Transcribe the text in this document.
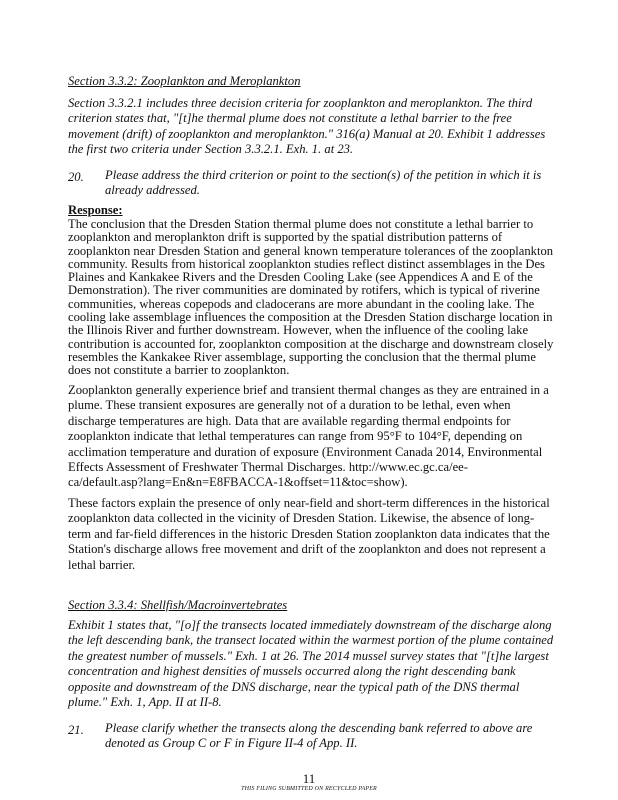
Section 3.3.2: Zooplankton and Meroplankton
Section 3.3.2.1 includes three decision criteria for zooplankton and meroplankton. The third
criterion states that, "[t]he thermal plume does not constitute a lethal barrier to the free
movement (drift) of zooplankton and meroplankton." 316(a) Manual at 20. Exhibit 1 addresses
the first two criteria under Section 3.3.2.1. Exh. 1. at 23.
20. Please address the third criterion or point to the section(s) of the petition in which it is
already addressed.
Response:
The conclusion that the Dresden Station thermal plume does not constitute a lethal barrier to
zooplankton and meroplankton drift is supported by the spatial distribution patterns of
zooplankton near Dresden Station and general known temperature tolerances of the zooplankton
community. Results from historical zooplankton studies reflect distinct assemblages in the Des
Plaines and Kankakee Rivers and the Dresden Cooling Lake (see Appendices A and E of the
Demonstration). The river communities are dominated by rotifers, which is typical of riverine
communities, whereas copepods and cladocerans are more abundant in the cooling lake. The
cooling lake assemblage influences the composition at the Dresden Station discharge location in
the Illinois River and further downstream. However, when the influence of the cooling lake
contribution is accounted for, zooplankton composition at the discharge and downstream closely
resembles the Kankakee River assemblage, supporting the conclusion that the thermal plume
does not constitute a barrier to zooplankton.
Zooplankton generally experience brief and transient thermal changes as they are entrained in a
plume. These transient exposures are generally not of a duration to be lethal, even when
discharge temperatures are high. Data that are available regarding thermal endpoints for
zooplankton indicate that lethal temperatures can range from 95°F to 104°F, depending on
acclimation temperature and duration of exposure (Environment Canada 2014, Environmental
Effects Assessment of Freshwater Thermal Discharges. http://www.ec.gc.ca/ee-
ca/default.asp?lang=En&n=E8FBACCA-1&offset=11&toc=show).
These factors explain the presence of only near-field and short-term differences in the historical
zooplankton data collected in the vicinity of Dresden Station. Likewise, the absence of long-
term and far-field differences in the historic Dresden Station zooplankton data indicates that the
Station's discharge allows free movement and drift of the zooplankton and does not represent a
lethal barrier.
Section 3.3.4: Shellfish/Macroinvertebrates
Exhibit 1 states that, "[o]f the transects located immediately downstream of the discharge along
the left descending bank, the transect located within the warmest portion of the plume contained
the greatest number of mussels." Exh. 1 at 26. The 2014 mussel survey states that "[t]he largest
concentration and highest densities of mussels occurred along the right descending bank
opposite and downstream of the DNS discharge, near the typical path of the DNS thermal
plume." Exh. 1, App. II at II-8.
21. Please clarify whether the transects along the descending bank referred to above are
denoted as Group C or F in Figure II-4 of App. II.
11
THIS FILING SUBMITTED ON RECYCLED PAPER
